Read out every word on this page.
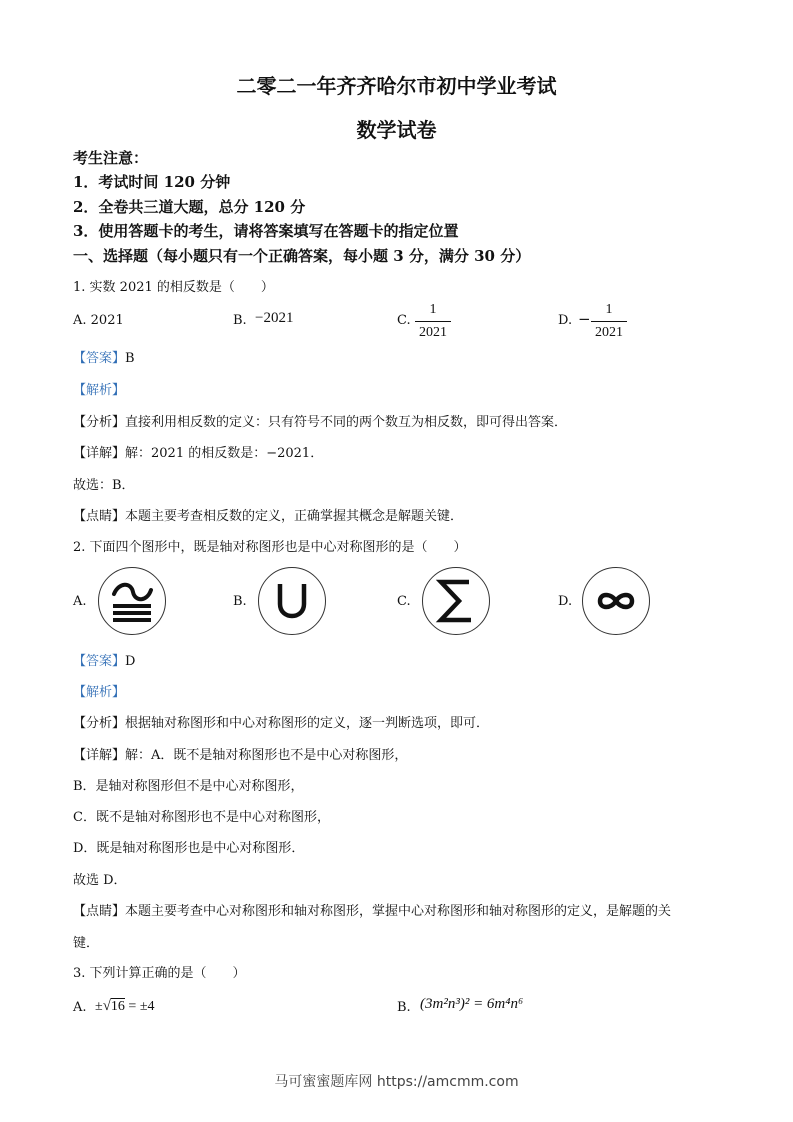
二零二一年齐齐哈尔市初中学业考试
数学试卷
考生注意：
1．考试时间 120 分钟
2．全卷共三道大题，总分 120 分
3．使用答题卡的考生，请将答案填写在答题卡的指定位置
一、选择题（每小题只有一个正确答案，每小题 3 分，满分 30 分）
1. 实数 2021 的相反数是（　　）
A. 2021	B. −2021	C.
1
2021
D. −
1
2021
【答案】B
【解析】
【分析】直接利用相反数的定义：只有符号不同的两个数互为相反数，即可得出答案．
【详解】解：2021 的相反数是：−2021．
故选：B．
【点睛】本题主要考查相反数的定义，正确掌握其概念是解题关键．
2. 下面四个图形中，既是轴对称图形也是中心对称图形的是（　　）
A.	B.	C.	D.
【答案】D
【解析】
【分析】根据轴对称图形和中心对称图形的定义，逐一判断选项，即可．
【详解】解：A．既不是轴对称图形也不是中心对称图形，
B．是轴对称图形但不是中心对称图形，
C．既不是轴对称图形也不是中心对称图形，
D．既是轴对称图形也是中心对称图形．
故选 D．
【点睛】本题主要考查中心对称图形和轴对称图形，掌握中心对称图形和轴对称图形的定义，是解题的关
键．
3. 下列计算正确的是（　　）
A. ±√16 = ±4	B. (3m²n³)² = 6m⁴n⁶
马可蜜蜜题库网 https://amcmm.com
